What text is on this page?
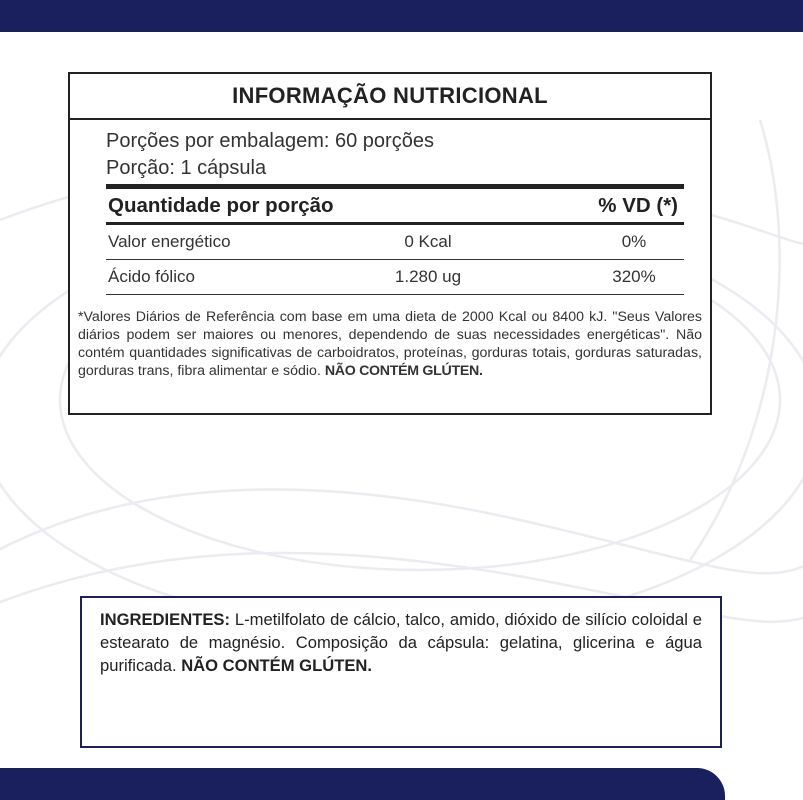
INFORMAÇÃO NUTRICIONAL
Porções por embalagem: 60 porções
Porção: 1 cápsula
Quantidade por porção	% VD (*)
Valor energético	0 Kcal	0%
Ácido fólico	1.280 ug	320%
*Valores Diários de Referência com base em uma dieta de 2000 Kcal ou 8400 kJ. "Seus Valores diários podem ser maiores ou menores, dependendo de suas necessidades energéticas". Não contém quantidades significativas de carboidratos, proteínas, gorduras totais, gorduras saturadas, gorduras trans, fibra alimentar e sódio. NÃO CONTÉM GLÚTEN.
INGREDIENTES: L-metilfolato de cálcio, talco, amido, dióxido de silício coloidal e estearato de magnésio. Composição da cápsula: gelatina, glicerina e água purificada. NÃO CONTÉM GLÚTEN.
